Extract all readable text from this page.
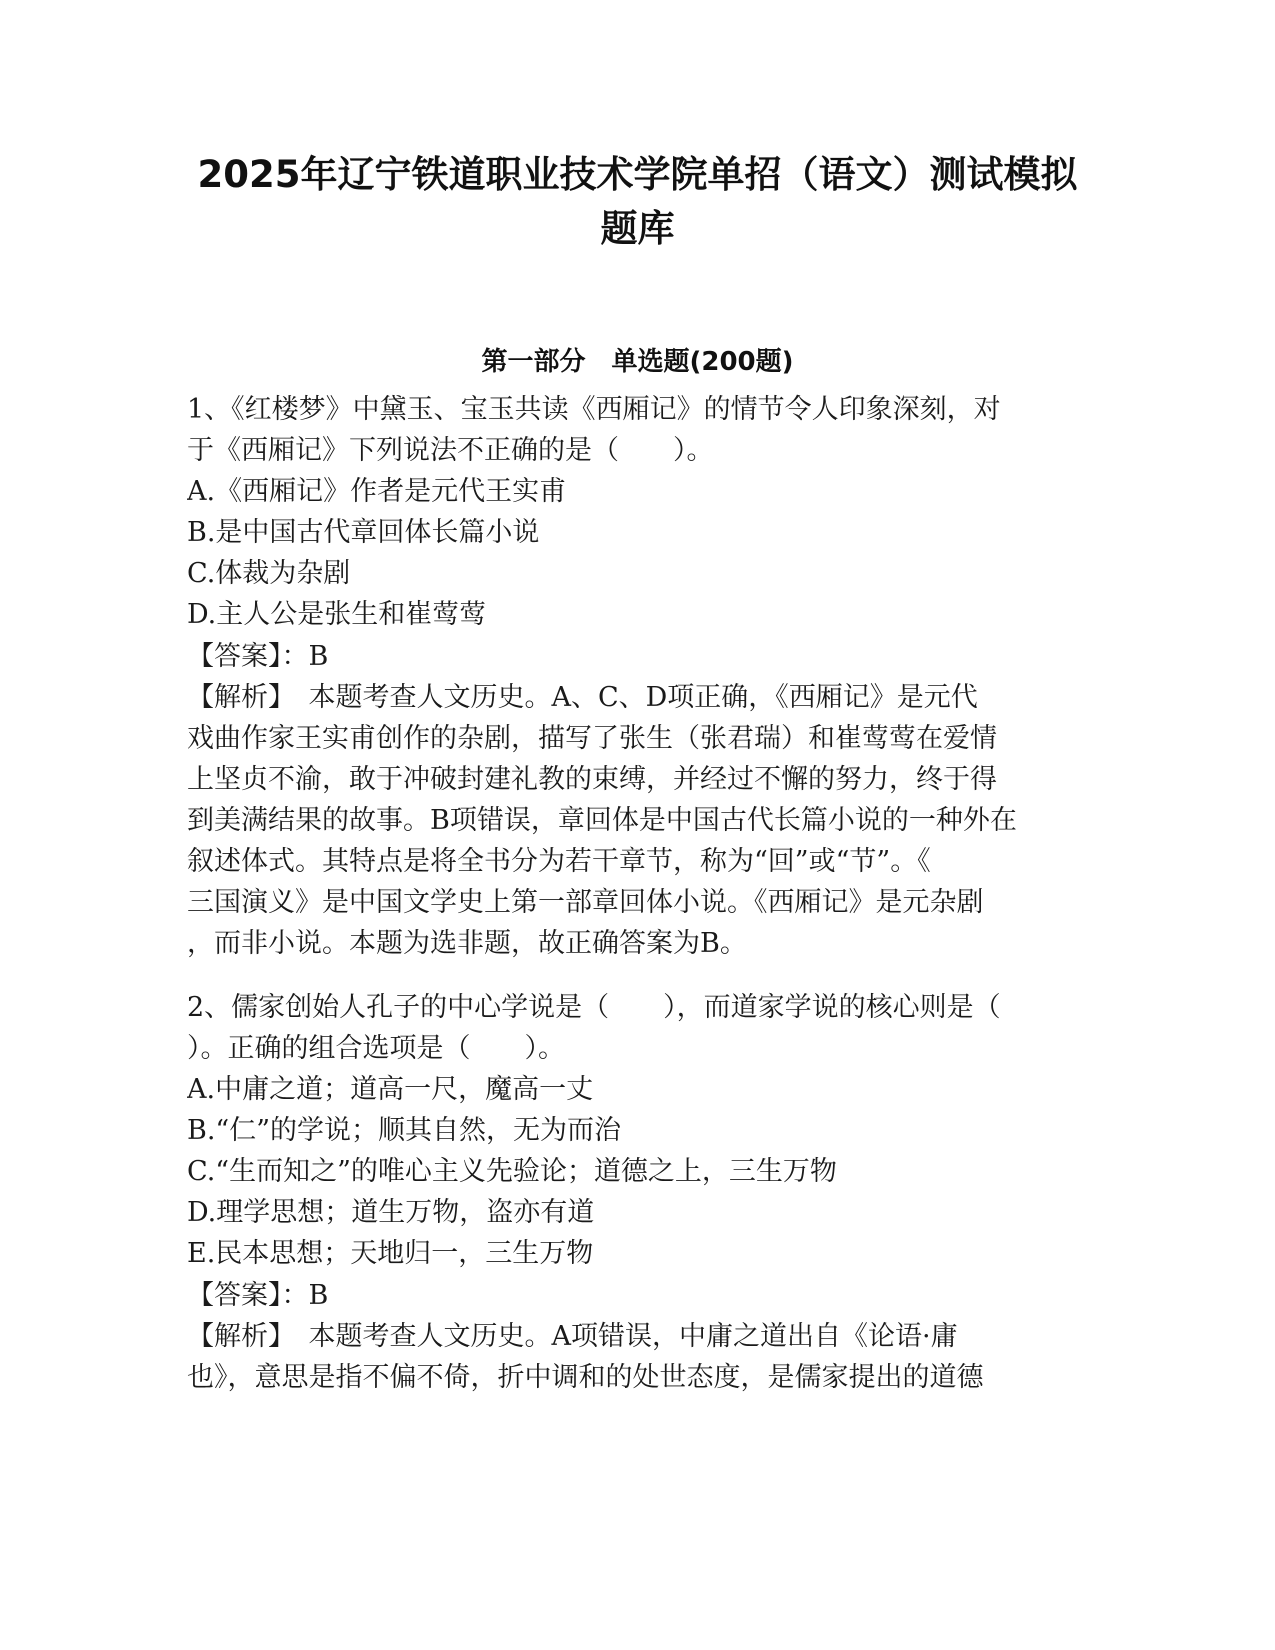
2025年辽宁铁道职业技术学院单招（语文）测试模拟
题库
第一部分　单选题(200题)
1、《红楼梦》中黛玉、宝玉共读《西厢记》的情节令人印象深刻，对
于《西厢记》下列说法不正确的是（　　）。
A.《西厢记》作者是元代王实甫
B.是中国古代章回体长篇小说
C.体裁为杂剧
D.主人公是张生和崔莺莺
【答案】：B
【解析】　本题考查人文历史。A、C、D项正确，《西厢记》是元代
戏曲作家王实甫创作的杂剧，描写了张生（张君瑞）和崔莺莺在爱情
上坚贞不渝，敢于冲破封建礼教的束缚，并经过不懈的努力，终于得
到美满结果的故事。B项错误，章回体是中国古代长篇小说的一种外在
叙述体式。其特点是将全书分为若干章节，称为“回”或“节”。《
三国演义》是中国文学史上第一部章回体小说。《西厢记》是元杂剧
，而非小说。本题为选非题，故正确答案为B。
2、儒家创始人孔子的中心学说是（　　），而道家学说的核心则是（
）。正确的组合选项是（　　）。
A.中庸之道；道高一尺，魔高一丈
B.“仁”的学说；顺其自然，无为而治
C.“生而知之”的唯心主义先验论；道德之上，三生万物
D.理学思想；道生万物，盗亦有道
E.民本思想；天地归一，三生万物
【答案】：B
【解析】　本题考查人文历史。A项错误，中庸之道出自《论语·庸
也》，意思是指不偏不倚，折中调和的处世态度，是儒家提出的道德
